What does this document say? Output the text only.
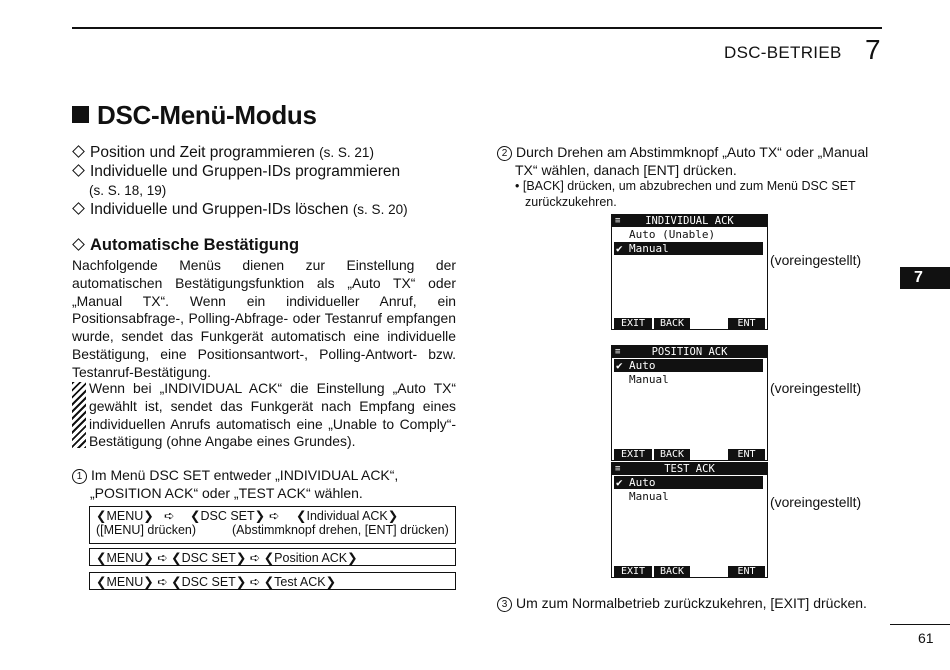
DSC-BETRIEB 7
7
61
DSC-Menü-Modus
Position und Zeit programmieren (s. S. 21)
Individuelle und Gruppen-IDs programmieren
(s. S. 18, 19)
Individuelle und Gruppen-IDs löschen (s. S. 20)
Automatische Bestätigung
Nachfolgende Menüs dienen zur Einstellung der automatischen Bestätigungsfunktion als „Auto TX“ oder „Manual TX“. Wenn ein individueller Anruf, ein Positionsabfrage-, Polling-Abfrage- oder Testanruf empfangen wurde, sendet das Funkgerät automatisch eine individuelle Bestätigung, eine Positionsantwort-, Polling-Antwort- bzw. Testanruf-Bestätigung.
Wenn bei „INDIVIDUAL ACK“ die Einstellung „Auto TX“ gewählt ist, sendet das Funkgerät nach Empfang eines individuellen Anrufs automatisch eine „Unable to Comply“-Bestätigung (ohne Angabe eines Grundes).
1 Im Menü DSC SET entweder „INDIVIDUAL ACK“,
„POSITION ACK“ oder „TEST ACK“ wählen.
❮MENU❯ ➪	❮DSC SET❯ ➪	❮Individual ACK❯
([MENU] drücken)	(Abstimmknopf drehen, [ENT] drücken)
❮MENU❯ ➪ ❮DSC SET❯ ➪ ❮Position ACK❯
❮MENU❯ ➪ ❮DSC SET❯ ➪ ❮Test ACK❯
2 Durch Drehen am Abstimmknopf „Auto TX“ oder „Manual
TX“ wählen, danach [ENT] drücken.
• [BACK] drücken, um abzubrechen und zum Menü DSC SET
zurückzukehren.
≡ INDIVIDUAL ACK
Auto (Unable)
✔ Manual
EXIT	BACK	ENT
(voreingestellt)
≡	POSITION ACK
✔ Auto
Manual
EXIT	BACK	ENT
(voreingestellt)
≡	TEST ACK
✔ Auto
Manual
EXIT	BACK	ENT
(voreingestellt)
3 Um zum Normalbetrieb zurückzukehren, [EXIT] drücken.
